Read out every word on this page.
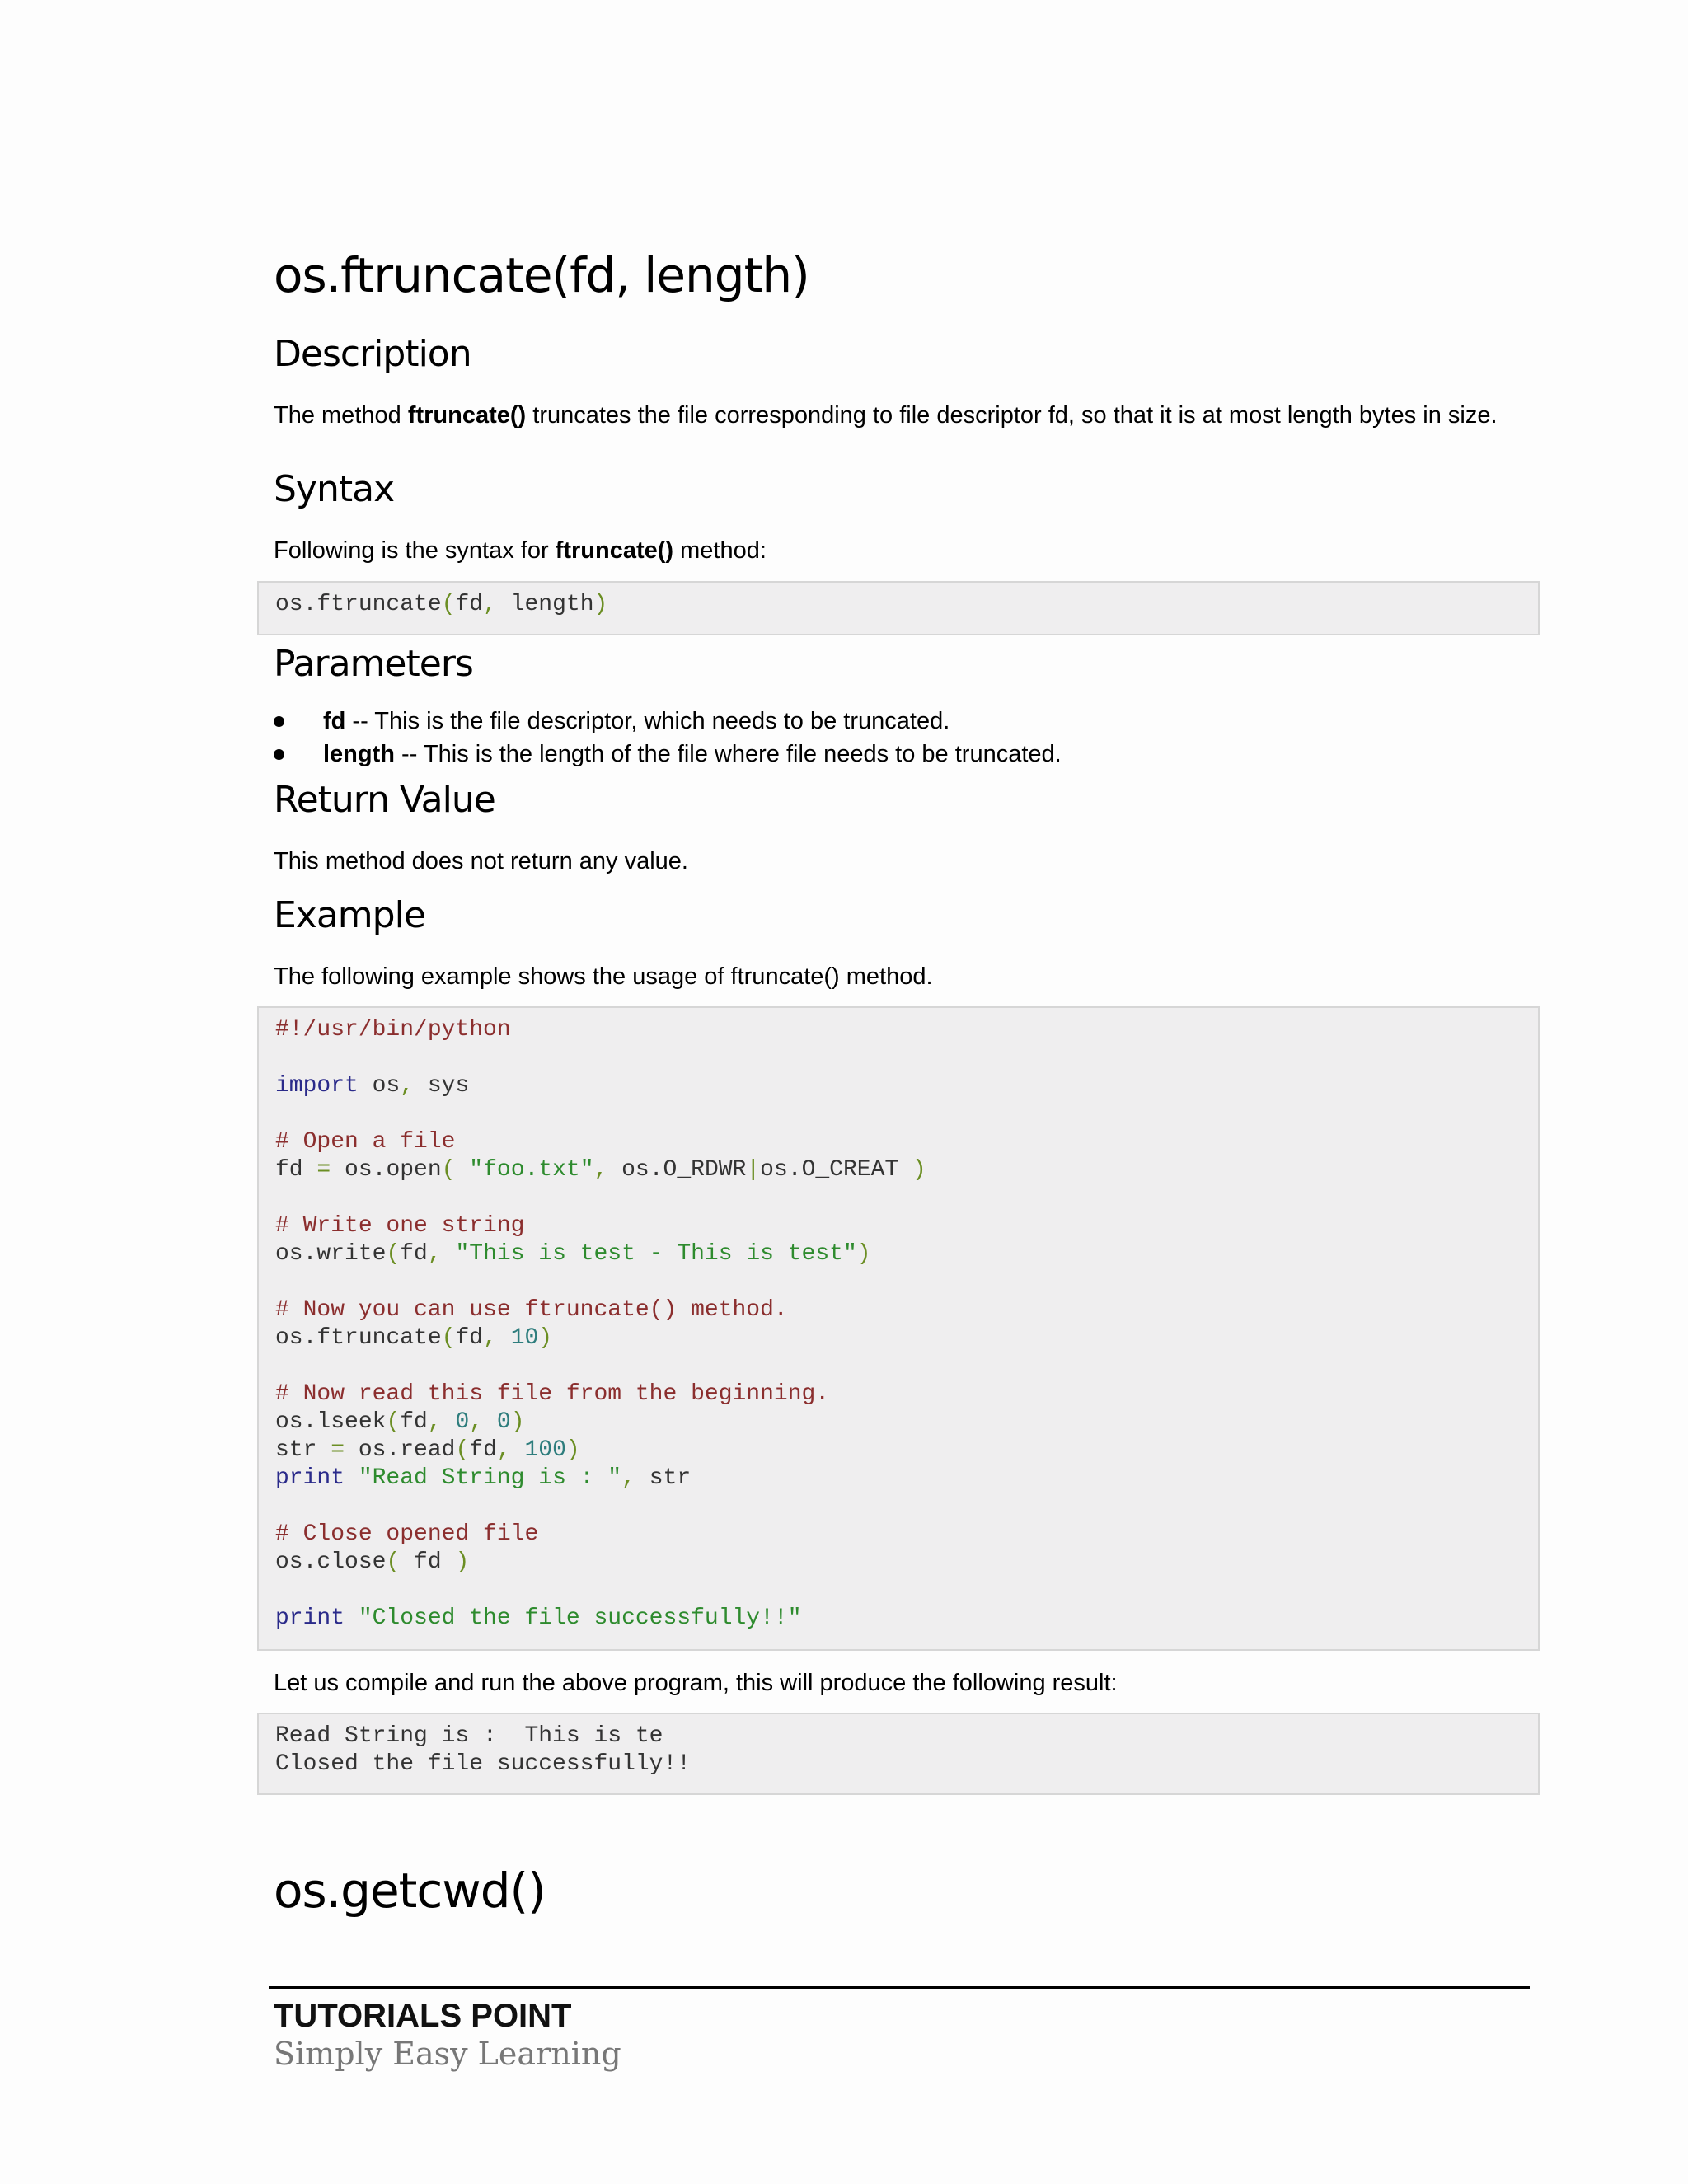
os.ftruncate(fd, length)
Description
The method ftruncate() truncates the file corresponding to file descriptor fd, so that it is at most length bytes in size.
Syntax
Following is the syntax for ftruncate() method:
os.ftruncate(fd, length)
Parameters
fd -- This is the file descriptor, which needs to be truncated.
length -- This is the length of the file where file needs to be truncated.
Return Value
This method does not return any value.
Example
The following example shows the usage of ftruncate() method.
#!/usr/bin/python

import os, sys

# Open a file
fd = os.open( "foo.txt", os.O_RDWR|os.O_CREAT )

# Write one string
os.write(fd, "This is test - This is test")

# Now you can use ftruncate() method.
os.ftruncate(fd, 10)

# Now read this file from the beginning.
os.lseek(fd, 0, 0)
str = os.read(fd, 100)
print "Read String is : ", str

# Close opened file
os.close( fd )

print "Closed the file successfully!!"
Let us compile and run the above program, this will produce the following result:
Read String is :  This is te
Closed the file successfully!!
os.getcwd()
TUTORIALS POINT
Simply Easy Learning
